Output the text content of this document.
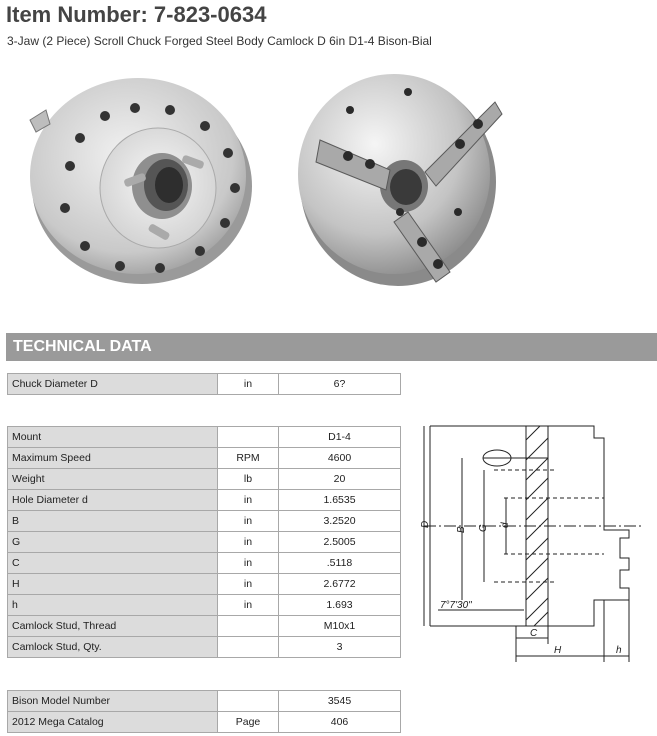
Item Number: 7-823-0634
3-Jaw (2 Piece) Scroll Chuck Forged Steel Body Camlock D 6in D1-4 Bison-Bial
TECHNICAL DATA
Chuck Diameter D	in	6?
Mount		D1-4
Maximum Speed	RPM	4600
Weight	lb	20
Hole Diameter d	in	1.6535
B	in	3.2520
G	in	2.5005
C	in	.5118
H	in	2.6772
h	in	1.693
Camlock Stud, Thread		M10x1
Camlock Stud, Qty.		3
Bison Model Number		3545
2012 Mega Catalog	Page	406
D
B G d
C
H	h
7°7'30"
